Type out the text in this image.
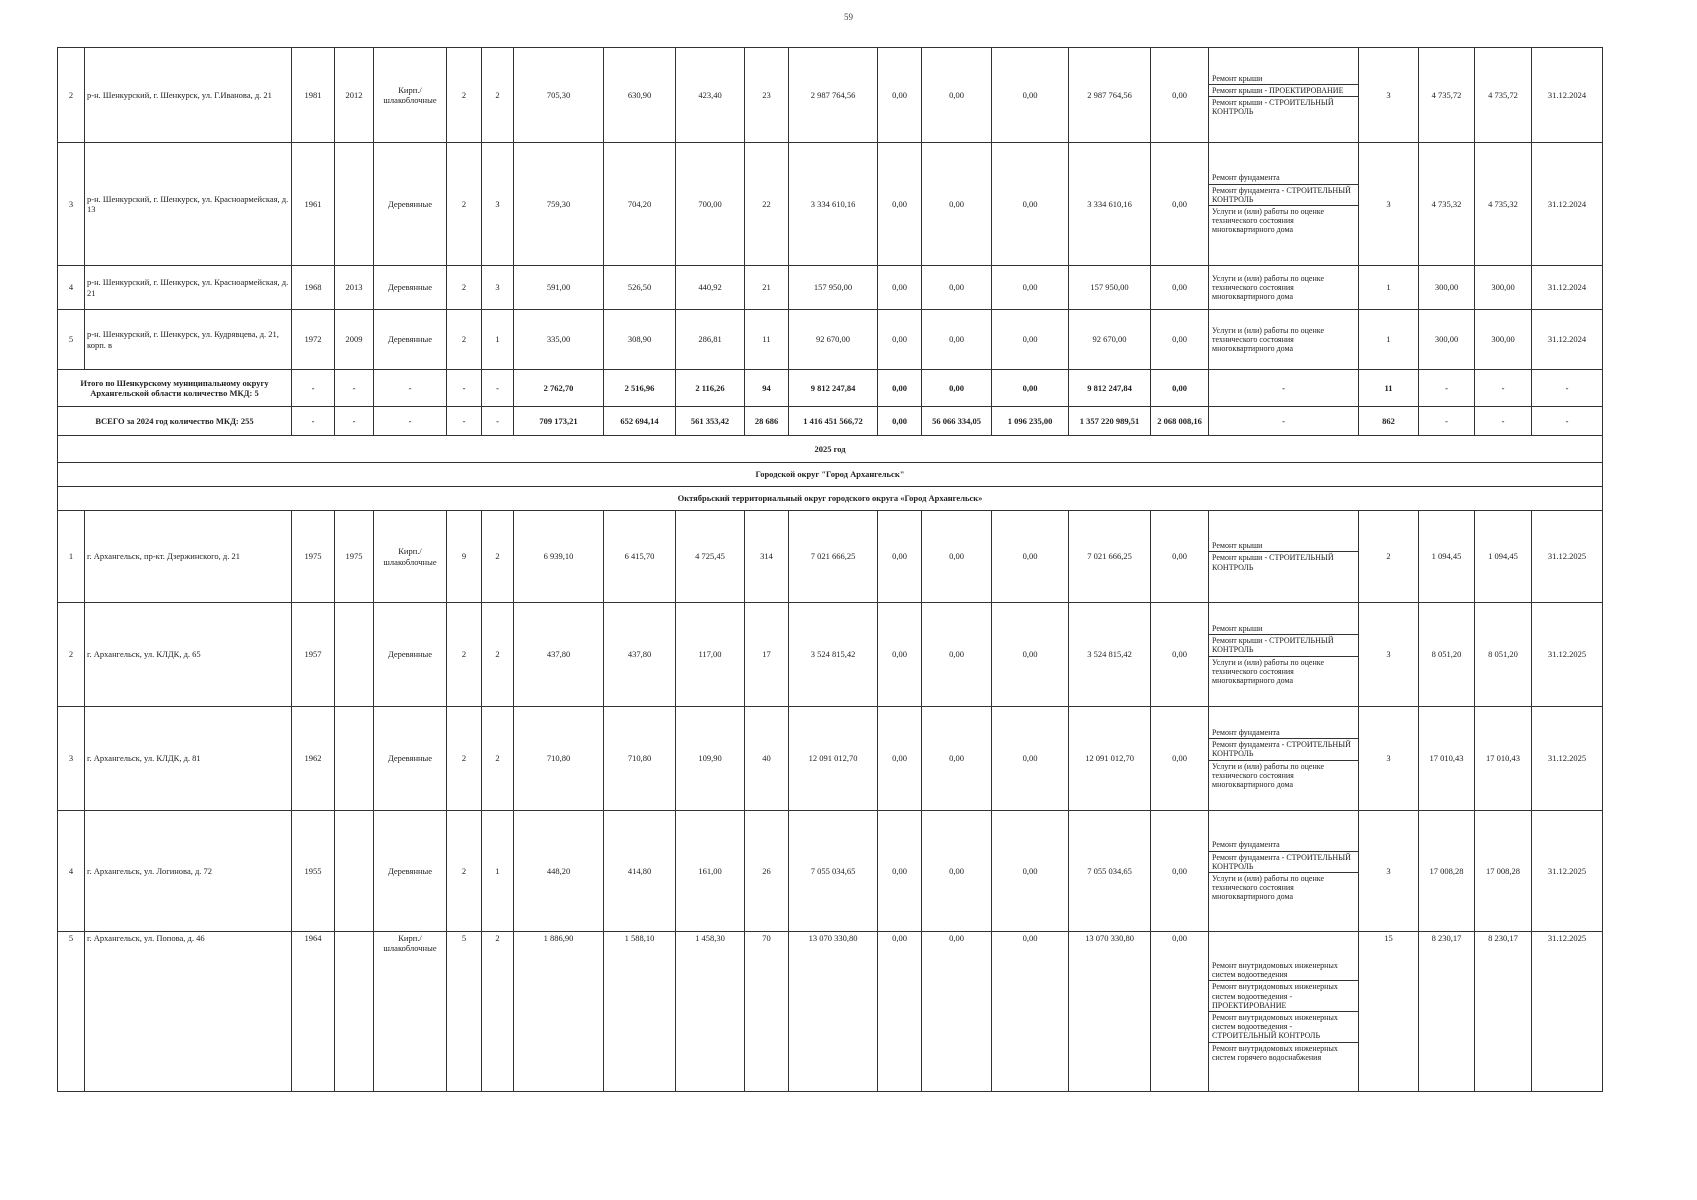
59
2	р-н. Шенкурский, г. Шенкурск, ул. Г.Иванова, д. 21	1981	2012	Кирп./ шлакоблочные	2	2	705,30	630,90	423,40	23	2 987 764,56	0,00	0,00	0,00	2 987 764,56	0,00	Ремонт крыши
Ремонт крыши - ПРОЕКТИРОВАНИЕ
Ремонт крыши - СТРОИТЕЛЬНЫЙ КОНТРОЛЬ	3	4 735,72	4 735,72	31.12.2024
3	р-н. Шенкурский, г. Шенкурск, ул. Красноармейская, д. 13	1961		Деревянные	2	3	759,30	704,20	700,00	22	3 334 610,16	0,00	0,00	0,00	3 334 610,16	0,00	Ремонт фундамента
Ремонт фундамента - СТРОИТЕЛЬНЫЙ КОНТРОЛЬ
Услуги и (или) работы по оценке технического состояния многоквартирного дома	3	4 735,32	4 735,32	31.12.2024
4	р-н. Шенкурский, г. Шенкурск, ул. Красноармейская, д. 21	1968	2013	Деревянные	2	3	591,00	526,50	440,92	21	157 950,00	0,00	0,00	0,00	157 950,00	0,00	Услуги и (или) работы по оценке технического состояния многоквартирного дома	1	300,00	300,00	31.12.2024
5	р-н. Шенкурский, г. Шенкурск, ул. Кудрявцева, д. 21, корп. в	1972	2009	Деревянные	2	1	335,00	308,90	286,81	11	92 670,00	0,00	0,00	0,00	92 670,00	0,00	Услуги и (или) работы по оценке технического состояния многоквартирного дома	1	300,00	300,00	31.12.2024
Итого по Шенкурскому муниципальному округу Архангельской области количество МКД: 5		-	-	-	-	-	2 762,70	2 516,96	2 116,26	94	9 812 247,84	0,00	0,00	0,00	9 812 247,84	0,00	-	11	-	-	-
ВСЕГО за 2024 год количество МКД: 255		-	-	-	-	-	709 173,21	652 694,14	561 353,42	28 686	1 416 451 566,72	0,00	56 066 334,05	1 096 235,00	1 357 220 989,51	2 068 008,16	-	862	-	-	-
2025 год																					
Городской округ "Город Архангельск"																					
Октябрьский территориальный округ городского округа «Город Архангельск»																					
1	г. Архангельск, пр-кт. Дзержинского, д. 21	1975	1975	Кирп./ шлакоблочные	9	2	6 939,10	6 415,70	4 725,45	314	7 021 666,25	0,00	0,00	0,00	7 021 666,25	0,00	Ремонт крыши
Ремонт крыши - СТРОИТЕЛЬНЫЙ КОНТРОЛЬ	2	1 094,45	1 094,45	31.12.2025
2	г. Архангельск, ул. КЛДК, д. 65	1957		Деревянные	2	2	437,80	437,80	117,00	17	3 524 815,42	0,00	0,00	0,00	3 524 815,42	0,00	Ремонт крыши
Ремонт крыши - СТРОИТЕЛЬНЫЙ КОНТРОЛЬ
Услуги и (или) работы по оценке технического состояния многоквартирного дома	3	8 051,20	8 051,20	31.12.2025
3	г. Архангельск, ул. КЛДК, д. 81	1962		Деревянные	2	2	710,80	710,80	109,90	40	12 091 012,70	0,00	0,00	0,00	12 091 012,70	0,00	Ремонт фундамента
Ремонт фундамента - СТРОИТЕЛЬНЫЙ КОНТРОЛЬ
Услуги и (или) работы по оценке технического состояния многоквартирного дома	3	17 010,43	17 010,43	31.12.2025
4	г. Архангельск, ул. Логинова, д. 72	1955		Деревянные	2	1	448,20	414,80	161,00	26	7 055 034,65	0,00	0,00	0,00	7 055 034,65	0,00	Ремонт фундамента
Ремонт фундамента - СТРОИТЕЛЬНЫЙ КОНТРОЛЬ
Услуги и (или) работы по оценке технического состояния многоквартирного дома	3	17 008,28	17 008,28	31.12.2025
5	г. Архангельск, ул. Попова, д. 46	1964		Кирп./ шлакоблочные	5	2	1 886,90	1 588,10	1 458,30	70	13 070 330,80	0,00	0,00	0,00	13 070 330,80	0,00	Ремонт внутридомовых инженерных систем водоотведения
Ремонт внутридомовых инженерных систем водоотведения - ПРОЕКТИРОВАНИЕ
Ремонт внутридомовых инженерных систем водоотведения - СТРОИТЕЛЬНЫЙ КОНТРОЛЬ
Ремонт внутридомовых инженерных систем горячего водоснабжения	15	8 230,17	8 230,17	31.12.2025
